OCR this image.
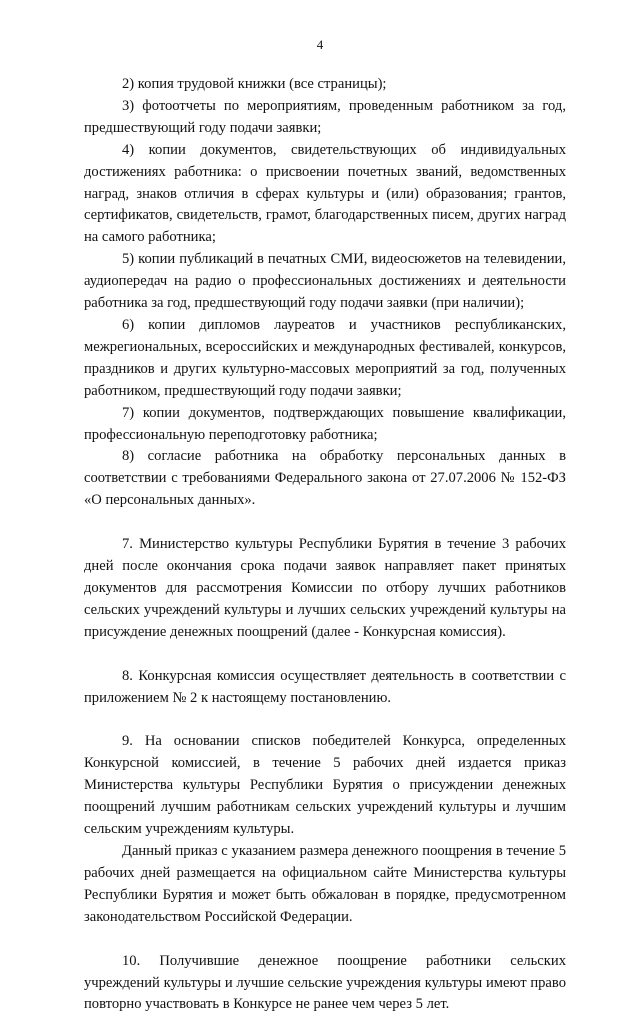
4

2) копия трудовой книжки (все страницы);

3) фотоотчеты по мероприятиям, проведенным работником за год, предшествующий году подачи заявки;

4) копии документов, свидетельствующих об индивидуальных достижениях работника: о присвоении почетных званий, ведомственных наград, знаков отличия в сферах культуры и (или) образования; грантов, сертификатов, свидетельств, грамот, благодарственных писем, других наград на самого работника;

5) копии публикаций в печатных СМИ, видеосюжетов на телевидении, аудиопередач на радио о профессиональных достижениях и деятельности работника за год, предшествующий году подачи заявки (при наличии);

6) копии дипломов лауреатов и участников республиканских, межрегиональных, всероссийских и международных фестивалей, конкурсов, праздников и других культурно-массовых мероприятий за год, полученных работником, предшествующий году подачи заявки;

7) копии документов, подтверждающих повышение квалификации, профессиональную переподготовку работника;

8) согласие работника на обработку персональных данных в соответствии с требованиями Федерального закона от 27.07.2006 № 152-ФЗ «О персональных данных».

7. Министерство культуры Республики Бурятия в течение 3 рабочих дней после окончания срока подачи заявок направляет пакет принятых документов для рассмотрения Комиссии по отбору лучших работников сельских учреждений культуры и лучших сельских учреждений культуры на присуждение денежных поощрений (далее - Конкурсная комиссия).

8. Конкурсная комиссия осуществляет деятельность в соответствии с приложением № 2 к настоящему постановлению.

9. На основании списков победителей Конкурса, определенных Конкурсной комиссией, в течение 5 рабочих дней издается приказ Министерства культуры Республики Бурятия о присуждении денежных поощрений лучшим работникам сельских учреждений культуры и лучшим сельским учреждениям культуры.

Данный приказ с указанием размера денежного поощрения в течение 5 рабочих дней размещается на официальном сайте Министерства культуры Республики Бурятия и может быть обжалован в порядке, предусмотренном законодательством Российской Федерации.

10. Получившие денежное поощрение работники сельских учреждений культуры и лучшие сельские учреждения культуры имеют право повторно участвовать в Конкурсе не ранее чем через 5 лет.
